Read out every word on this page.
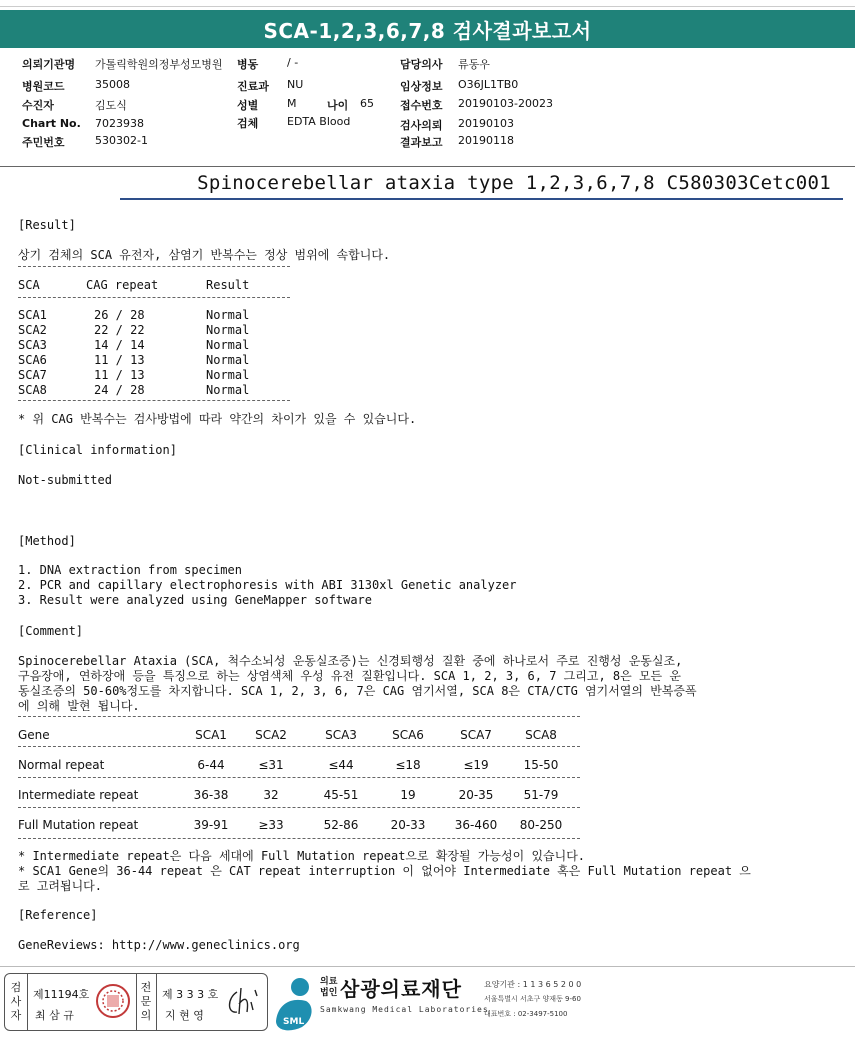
SCA-1,2,3,6,7,8 검사결과보고서
의뢰기관명 가톨릭학원의정부성모병원 병동	/ -	담당의사 류동우
병원코드	35008	진료과 NU	임상정보 O36JL1TB0
수진자	김도식	성별	M	나이 65 접수번호 20190103-20023
Chart No. 7023938	검체	EDTA Blood	검사의뢰 20190103
주민번호	530302-1	결과보고 20190118
Spinocerebellar ataxia type 1,2,3,6,7,8 C580303Cetc001
[Result]
상기 검체의 SCA 유전자, 삼염기 반복수는 정상 범위에 속합니다.
SCA	CAG repeat	Result
SCA1	26 / 28	Normal
SCA2	22 / 22	Normal
SCA3	14 / 14	Normal
SCA6	11 / 13	Normal
SCA7	11 / 13	Normal
SCA8	24 / 28	Normal
* 위 CAG 반복수는 검사방법에 따라 약간의 차이가 있을 수 있습니다.
[Clinical information]
Not-submitted
[Method]
1. DNA extraction from specimen
2. PCR and capillary electrophoresis with ABI 3130xl Genetic analyzer
3. Result were analyzed using GeneMapper software
[Comment]
Spinocerebellar Ataxia (SCA, 척수소뇌성 운동실조증)는 신경퇴행성 질환 중에 하나로서 주로 진행성 운동실조,
구음장애, 연하장애 등을 특징으로 하는 상염색체 우성 유전 질환입니다. SCA 1, 2, 3, 6, 7 그리고, 8은 모든 운
동실조증의 50-60%정도를 차지합니다. SCA 1, 2, 3, 6, 7은 CAG 염기서열, SCA 8은 CTA/CTG 염기서열의 반복증폭
에 의해 발현 됩니다.
Gene	SCA1	SCA2	SCA3	SCA6	SCA7	SCA8
Normal repeat	6-44	≤31	≤44	≤18	≤19	15-50
Intermediate repeat	36-38	32	45-51	19	20-35	51-79
Full Mutation repeat	39-91	≥33	52-86	20-33	36-460	80-250
* Intermediate repeat은 다음 세대에 Full Mutation repeat으로 확장될 가능성이 있습니다.
* SCA1 Gene의 36-44 repeat 은 CAT repeat interruption 이 없어야 Intermediate 혹은 Full Mutation repeat 으
로 고려됩니다.
[Reference]
GeneReviews: http://www.geneclinics.org
검
사
자
제11194호
최 삼 규
전
문
의
제 3 3 3 호
지 현 영	SML
의료
법인 삼광의료재단
Samkwang Medical Laboratories
요양기관 : 1 1 3 6 5 2 0 0
서울특별시 서초구 양재동 9-60
대표번호 : 02-3497-5100
